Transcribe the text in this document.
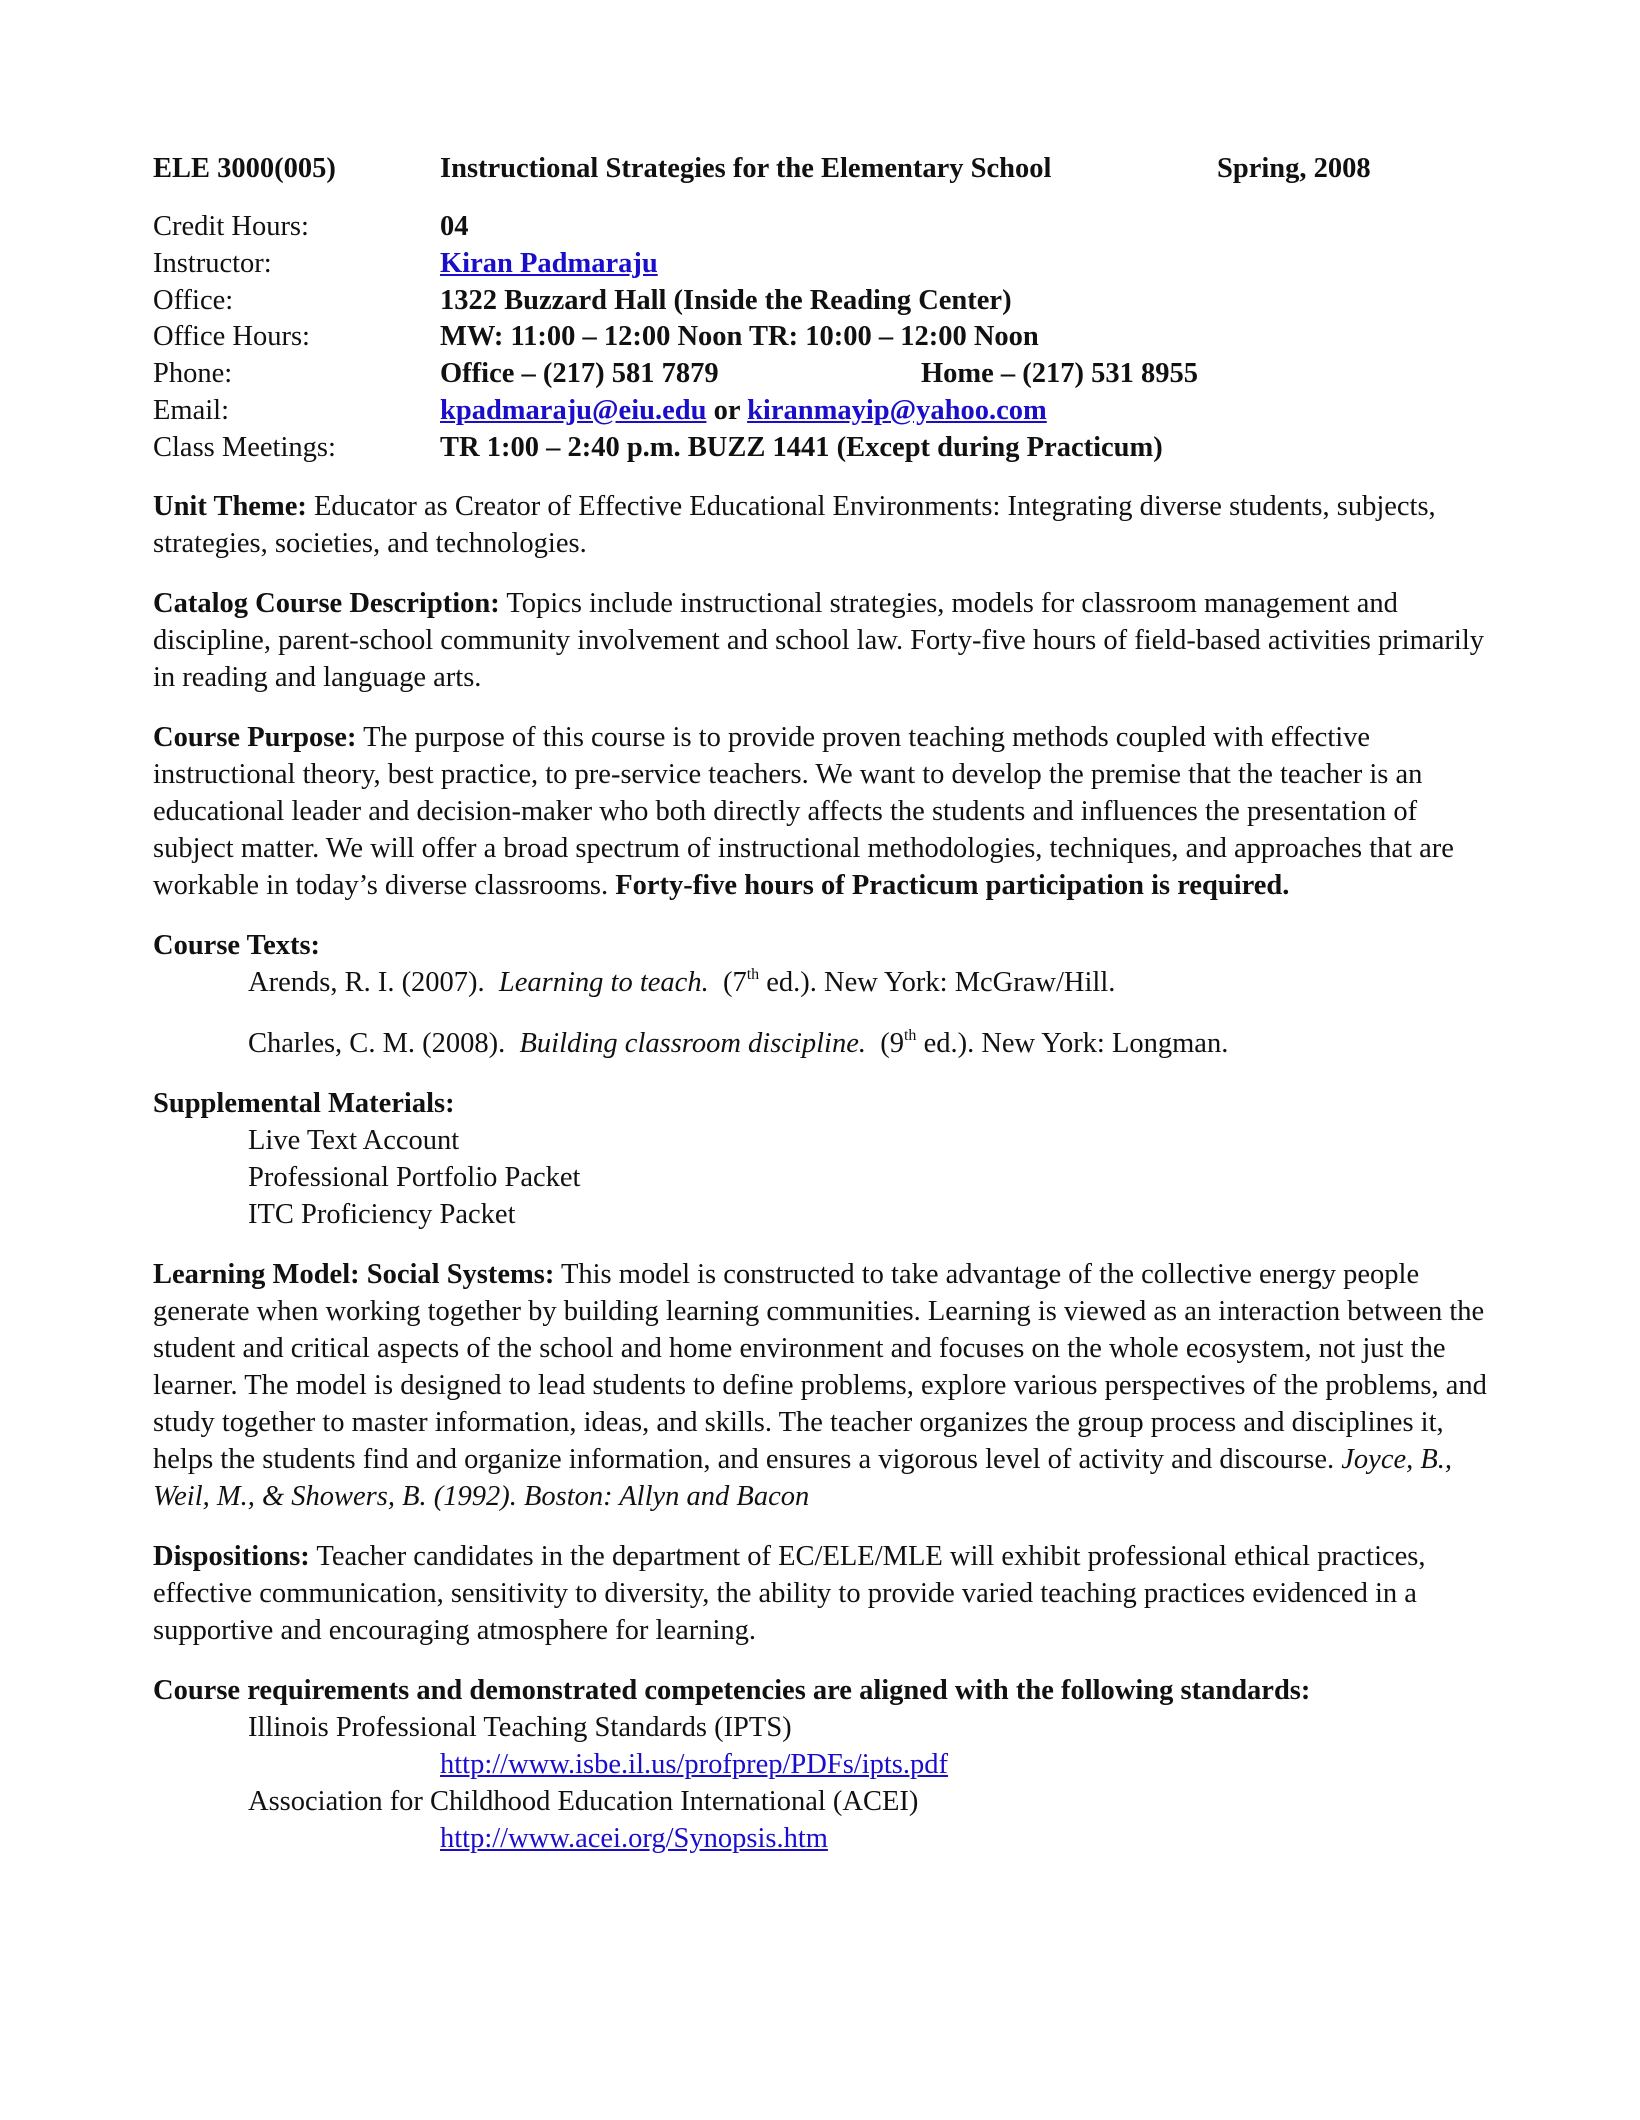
ELE 3000(005)	Instructional Strategies for the Elementary School	Spring, 2008
Credit Hours:	04
Instructor:	Kiran Padmaraju
Office:	1322 Buzzard Hall (Inside the Reading Center)
Office Hours:	MW: 11:00 – 12:00 Noon TR: 10:00 – 12:00 Noon
Phone:	Office – (217) 581 7879	Home – (217) 531 8955
Email:	kpadmaraju@eiu.edu or kiranmayip@yahoo.com
Class Meetings:	TR 1:00 – 2:40 p.m. BUZZ 1441 (Except during Practicum)

Unit Theme: Educator as Creator of Effective Educational Environments: Integrating diverse students, subjects, strategies, societies, and technologies.

Catalog Course Description: Topics include instructional strategies, models for classroom management and discipline, parent-school community involvement and school law. Forty-five hours of field-based activities primarily in reading and language arts.

Course Purpose: The purpose of this course is to provide proven teaching methods coupled with effective instructional theory, best practice, to pre-service teachers. We want to develop the premise that the teacher is an educational leader and decision-maker who both directly affects the students and influences the presentation of subject matter. We will offer a broad spectrum of instructional methodologies, techniques, and approaches that are workable in today’s diverse classrooms. Forty-five hours of Practicum participation is required.

Course Texts:

Arends, R. I. (2007). Learning to teach. (7th ed.). New York: McGraw/Hill.

Charles, C. M. (2008). Building classroom discipline. (9th ed.). New York: Longman.

Supplemental Materials:

Live Text Account

Professional Portfolio Packet

ITC Proficiency Packet

Learning Model: Social Systems: This model is constructed to take advantage of the collective energy people generate when working together by building learning communities. Learning is viewed as an interaction between the student and critical aspects of the school and home environment and focuses on the whole ecosystem, not just the learner. The model is designed to lead students to define problems, explore various perspectives of the problems, and study together to master information, ideas, and skills. The teacher organizes the group process and disciplines it, helps the students find and organize information, and ensures a vigorous level of activity and discourse. Joyce, B., Weil, M., & Showers, B. (1992). Boston: Allyn and Bacon

Dispositions: Teacher candidates in the department of EC/ELE/MLE will exhibit professional ethical practices, effective communication, sensitivity to diversity, the ability to provide varied teaching practices evidenced in a supportive and encouraging atmosphere for learning.

Course requirements and demonstrated competencies are aligned with the following standards:

Illinois Professional Teaching Standards (IPTS)

http://www.isbe.il.us/profprep/PDFs/ipts.pdf

Association for Childhood Education International (ACEI)

http://www.acei.org/Synopsis.htm
